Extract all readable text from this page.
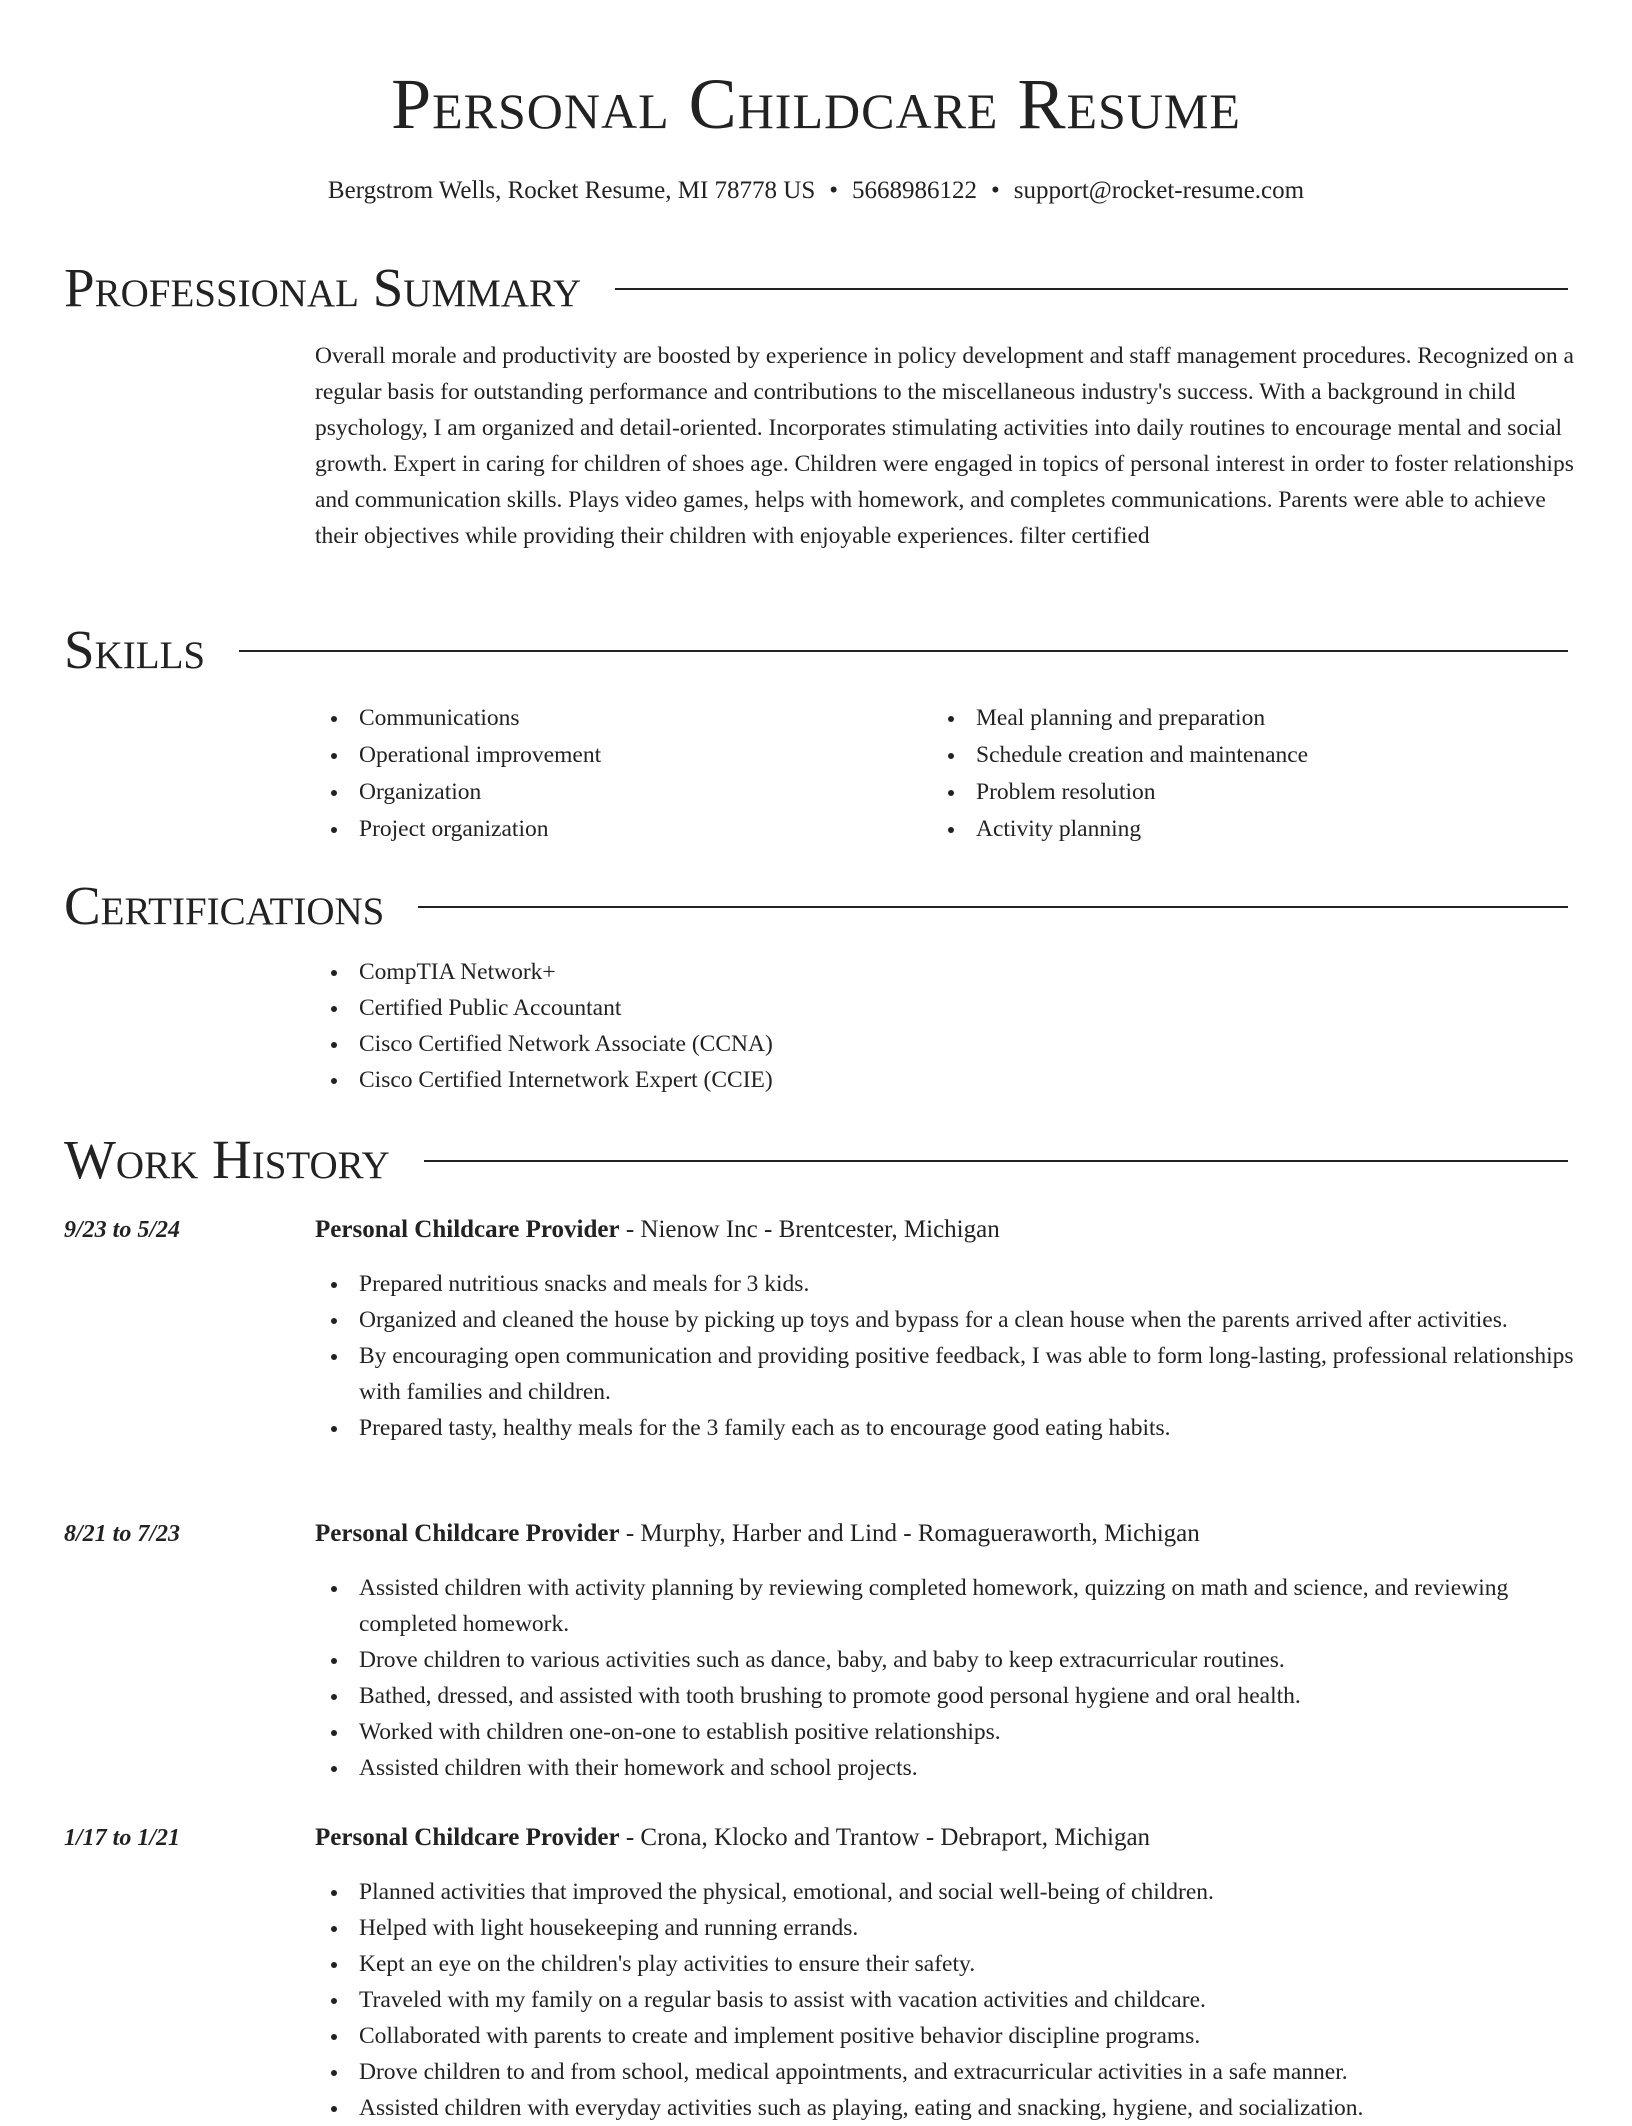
Personal Childcare Resume
Bergstrom Wells, Rocket Resume, MI 78778 US • 5668986122 • support@rocket-resume.com
Professional Summary
Overall morale and productivity are boosted by experience in policy development and staff management procedures. Recognized on a regular basis for outstanding performance and contributions to the miscellaneous industry's success. With a background in child psychology, I am organized and detail-oriented. Incorporates stimulating activities into daily routines to encourage mental and social growth. Expert in caring for children of shoes age. Children were engaged in topics of personal interest in order to foster relationships and communication skills. Plays video games, helps with homework, and completes communications. Parents were able to achieve their objectives while providing their children with enjoyable experiences. filter certified
Skills
Communications
Operational improvement
Organization
Project organization
Meal planning and preparation
Schedule creation and maintenance
Problem resolution
Activity planning
Certifications
CompTIA Network+
Certified Public Accountant
Cisco Certified Network Associate (CCNA)
Cisco Certified Internetwork Expert (CCIE)
Work History
9/23 to 5/24	Personal Childcare Provider - Nienow Inc - Brentcester, Michigan
Prepared nutritious snacks and meals for 3 kids.
Organized and cleaned the house by picking up toys and bypass for a clean house when the parents arrived after activities.
By encouraging open communication and providing positive feedback, I was able to form long-lasting, professional relationships with families and children.
Prepared tasty, healthy meals for the 3 family each as to encourage good eating habits.
8/21 to 7/23	Personal Childcare Provider - Murphy, Harber and Lind - Romagueraworth, Michigan
Assisted children with activity planning by reviewing completed homework, quizzing on math and science, and reviewing completed homework.
Drove children to various activities such as dance, baby, and baby to keep extracurricular routines.
Bathed, dressed, and assisted with tooth brushing to promote good personal hygiene and oral health.
Worked with children one-on-one to establish positive relationships.
Assisted children with their homework and school projects.
1/17 to 1/21	Personal Childcare Provider - Crona, Klocko and Trantow - Debraport, Michigan
Planned activities that improved the physical, emotional, and social well-being of children.
Helped with light housekeeping and running errands.
Kept an eye on the children's play activities to ensure their safety.
Traveled with my family on a regular basis to assist with vacation activities and childcare.
Collaborated with parents to create and implement positive behavior discipline programs.
Drove children to and from school, medical appointments, and extracurricular activities in a safe manner.
Assisted children with everyday activities such as playing, eating and snacking, hygiene, and socialization.
